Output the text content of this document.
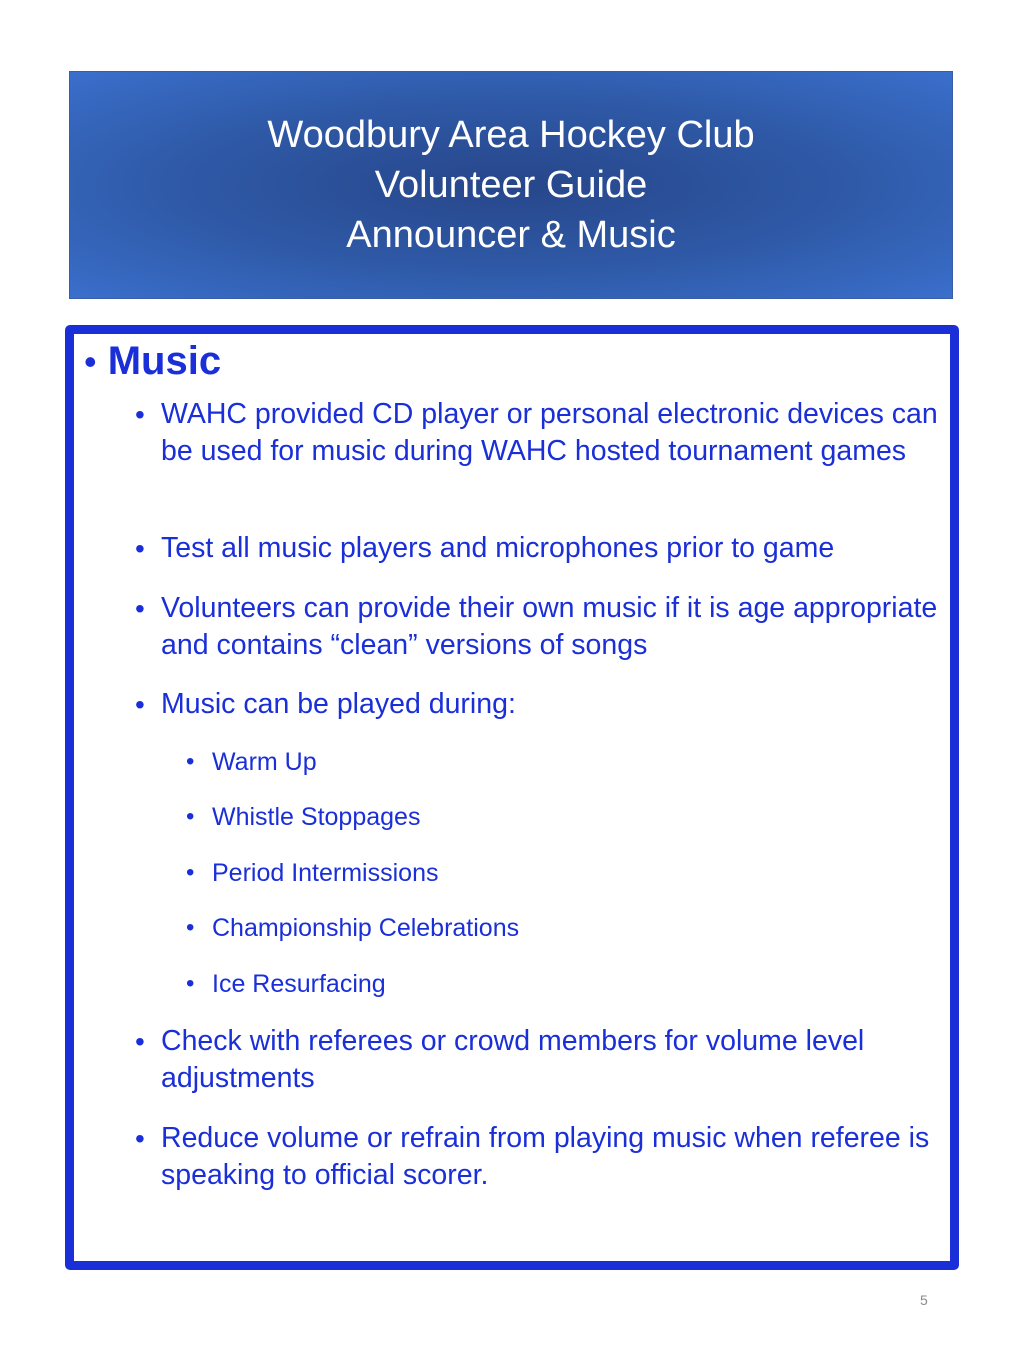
Woodbury Area Hockey Club
Volunteer Guide
Announcer & Music
• Music
• WAHC provided CD player or personal electronic devices can be used for music during WAHC hosted tournament games
• Test all music players and microphones prior to game
• Volunteers can provide their own music if it is age appropriate and contains “clean” versions of songs
• Music can be played during:
• Warm Up
• Whistle Stoppages
• Period Intermissions
• Championship Celebrations
• Ice Resurfacing
• Check with referees or crowd members for volume level adjustments
• Reduce volume or refrain from playing music when referee is speaking to official scorer.
5
